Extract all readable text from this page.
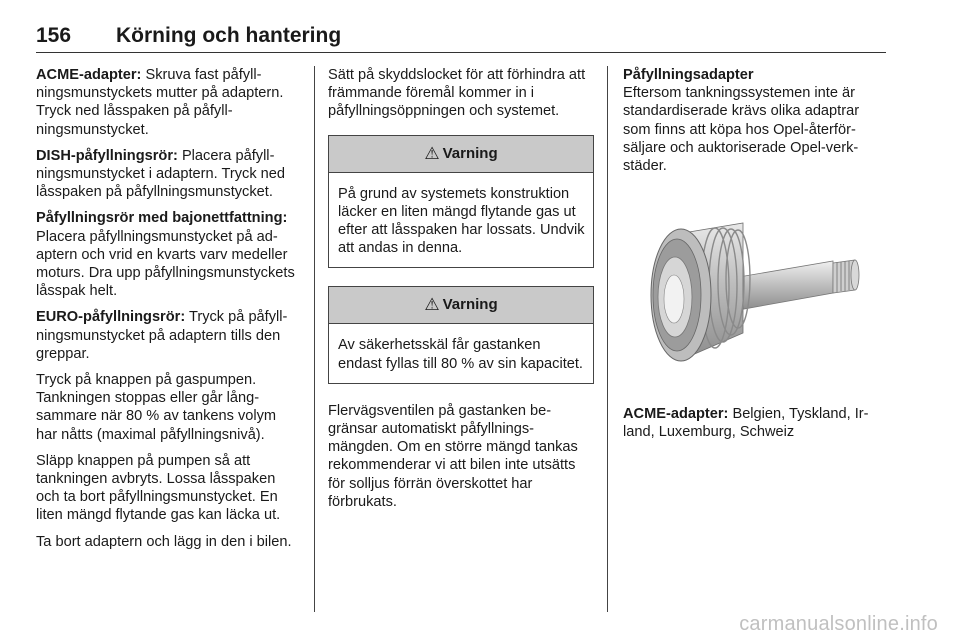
156 Körning och hantering

ACME-adapter: Skruva fast påfyllningsmunstyckets mutter på adaptern. Tryck ned låsspaken på påfyllningsmunstycket.

DISH-påfyllningsrör: Placera påfyllningsmunstycket i adaptern. Tryck ned låsspaken på påfyllningsmunstycket.

Påfyllningsrör med bajonettfattning:
Placera påfyllningsmunstycket på adaptern och vrid en kvarts varv medeller moturs. Dra upp påfyllningsmunstyckets låsspak helt.

EURO-påfyllningsrör: Tryck på påfyllningsmunstycket på adaptern tills den greppar.

Tryck på knappen på gaspumpen. Tankningen stoppas eller går långsammare när 80 % av tankens volym har nåtts (maximal påfyllningsnivå).

Släpp knappen på pumpen så att tankningen avbryts. Lossa låsspaken och ta bort påfyllningsmunstycket. En liten mängd flytande gas kan läcka ut.

Ta bort adaptern och lägg in den i bilen.

Sätt på skyddslocket för att förhindra att främmande föremål kommer in i påfyllningsöppningen och systemet.

⚠ Varning
På grund av systemets konstruktion läcker en liten mängd flytande gas ut efter att låsspaken har lossats. Undvik att andas in denna.
⚠ Varning
Av säkerhetsskäl får gastanken endast fyllas till 80 % av sin kapacitet.

Flervägsventilen på gastanken begränsar automatiskt påfyllningsmängden. Om en större mängd tankas rekommenderar vi att bilen inte utsätts för solljus förrän överskottet har förbrukats.

Påfyllningsadapter

Eftersom tankningssystemen inte är standardiserade krävs olika adaptrar som finns att köpa hos Opel-återförsäljare och auktoriserade Opel-verkstäder.

ACME-adapter: Belgien, Tyskland, Irland, Luxemburg, Schweiz

carmanualsonline.info
